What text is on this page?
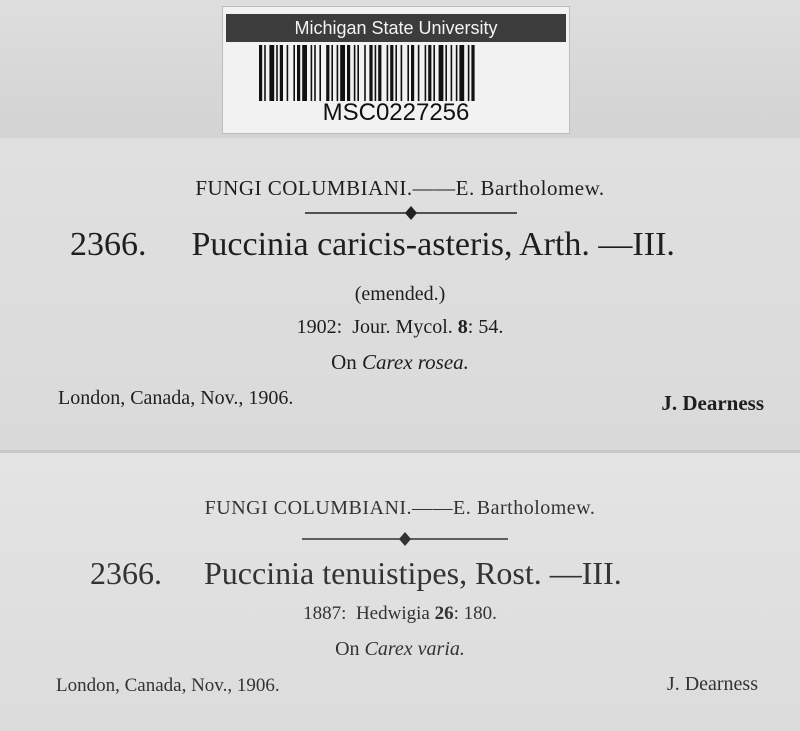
Michigan State University
MSC0227256
FUNGI COLUMBIANI.——E. Bartholomew.
2366. Puccinia caricis-asteris, Arth. —III.
(emended.)
1902: Jour. Mycol. 8: 54.
On Carex rosea.
London, Canada, Nov., 1906.	J. Dearness
FUNGI COLUMBIANI.——E. Bartholomew.
2366. Puccinia tenuistipes, Rost. —III.
1887: Hedwigia 26: 180.
On Carex varia.
London, Canada, Nov., 1906.	J. Dearness
